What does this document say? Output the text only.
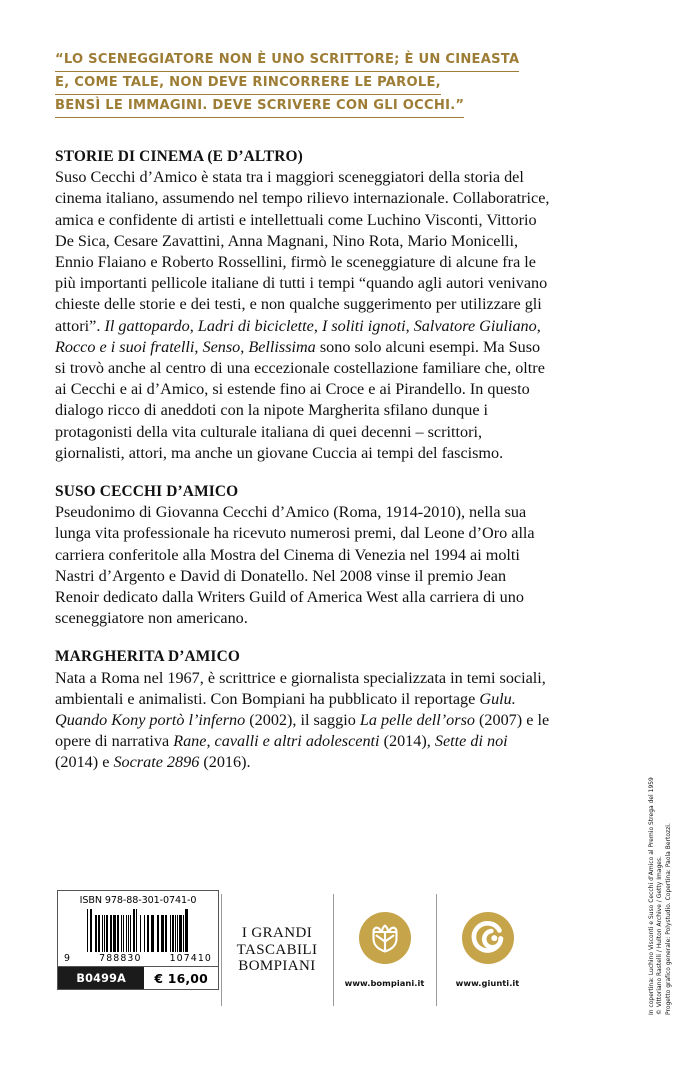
“LO SCENEGGIATORE NON È UNO SCRITTORE; È UN CINEASTA
E, COME TALE, NON DEVE RINCORRERE LE PAROLE,
BENSÌ LE IMMAGINI. DEVE SCRIVERE CON GLI OCCHI.”
STORIE DI CINEMA (E D’ALTRO)

Suso Cecchi d’Amico è stata tra i maggiori sceneggiatori della storia del cinema italiano, assumendo nel tempo rilievo internazionale. Collaboratrice, amica e confidente di artisti e intellettuali come Luchino Visconti, Vittorio De Sica, Cesare Zavattini, Anna Magnani, Nino Rota, Mario Monicelli, Ennio Flaiano e Roberto Rossellini, firmò le sceneggiature di alcune fra le più importanti pellicole italiane di tutti i tempi “quando agli autori venivano chieste delle storie e dei testi, e non qualche suggerimento per utilizzare gli attori”. Il gattopardo, Ladri di biciclette, I soliti ignoti, Salvatore Giuliano, Rocco e i suoi fratelli, Senso, Bellissima sono solo alcuni esempi. Ma Suso si trovò anche al centro di una eccezionale costellazione familiare che, oltre ai Cecchi e ai d’Amico, si estende fino ai Croce e ai Pirandello. In questo dialogo ricco di aneddoti con la nipote Margherita sfilano dunque i protagonisti della vita culturale italiana di quei decenni – scrittori, giornalisti, attori, ma anche un giovane Cuccia ai tempi del fascismo.

SUSO CECCHI D’AMICO

Pseudonimo di Giovanna Cecchi d’Amico (Roma, 1914-2010), nella sua lunga vita professionale ha ricevuto numerosi premi, dal Leone d’Oro alla carriera conferitole alla Mostra del Cinema di Venezia nel 1994 ai molti Nastri d’Argento e David di Donatello. Nel 2008 vinse il premio Jean Renoir dedicato dalla Writers Guild of America West alla carriera di uno sceneggiatore non americano.

MARGHERITA D’AMICO

Nata a Roma nel 1967, è scrittrice e giornalista specializzata in temi sociali, ambientali e animalisti. Con Bompiani ha pubblicato il reportage Gulu. Quando Kony portò l’inferno (2002), il saggio La pelle dell’orso (2007) e le opere di narrativa Rane, cavalli e altri adolescenti (2014), Sette di noi (2014) e Socrate 2896 (2016).

ISBN 978-88-301-0741-0
9	788830	107410
B0499A	€ 16,00
I GRANDI
TASCABILI
BOMPIANI
www.bompiani.it	www.giunti.it	In copertina: Luchino Visconti e Suso Cecchi d’Amico al Premio Strega del 1959 © Vittoriano Rastelli / Hulton Archive / Getty Images. Progetto grafico generale: Polystudio. Copertina: Paola Bertozzi.
